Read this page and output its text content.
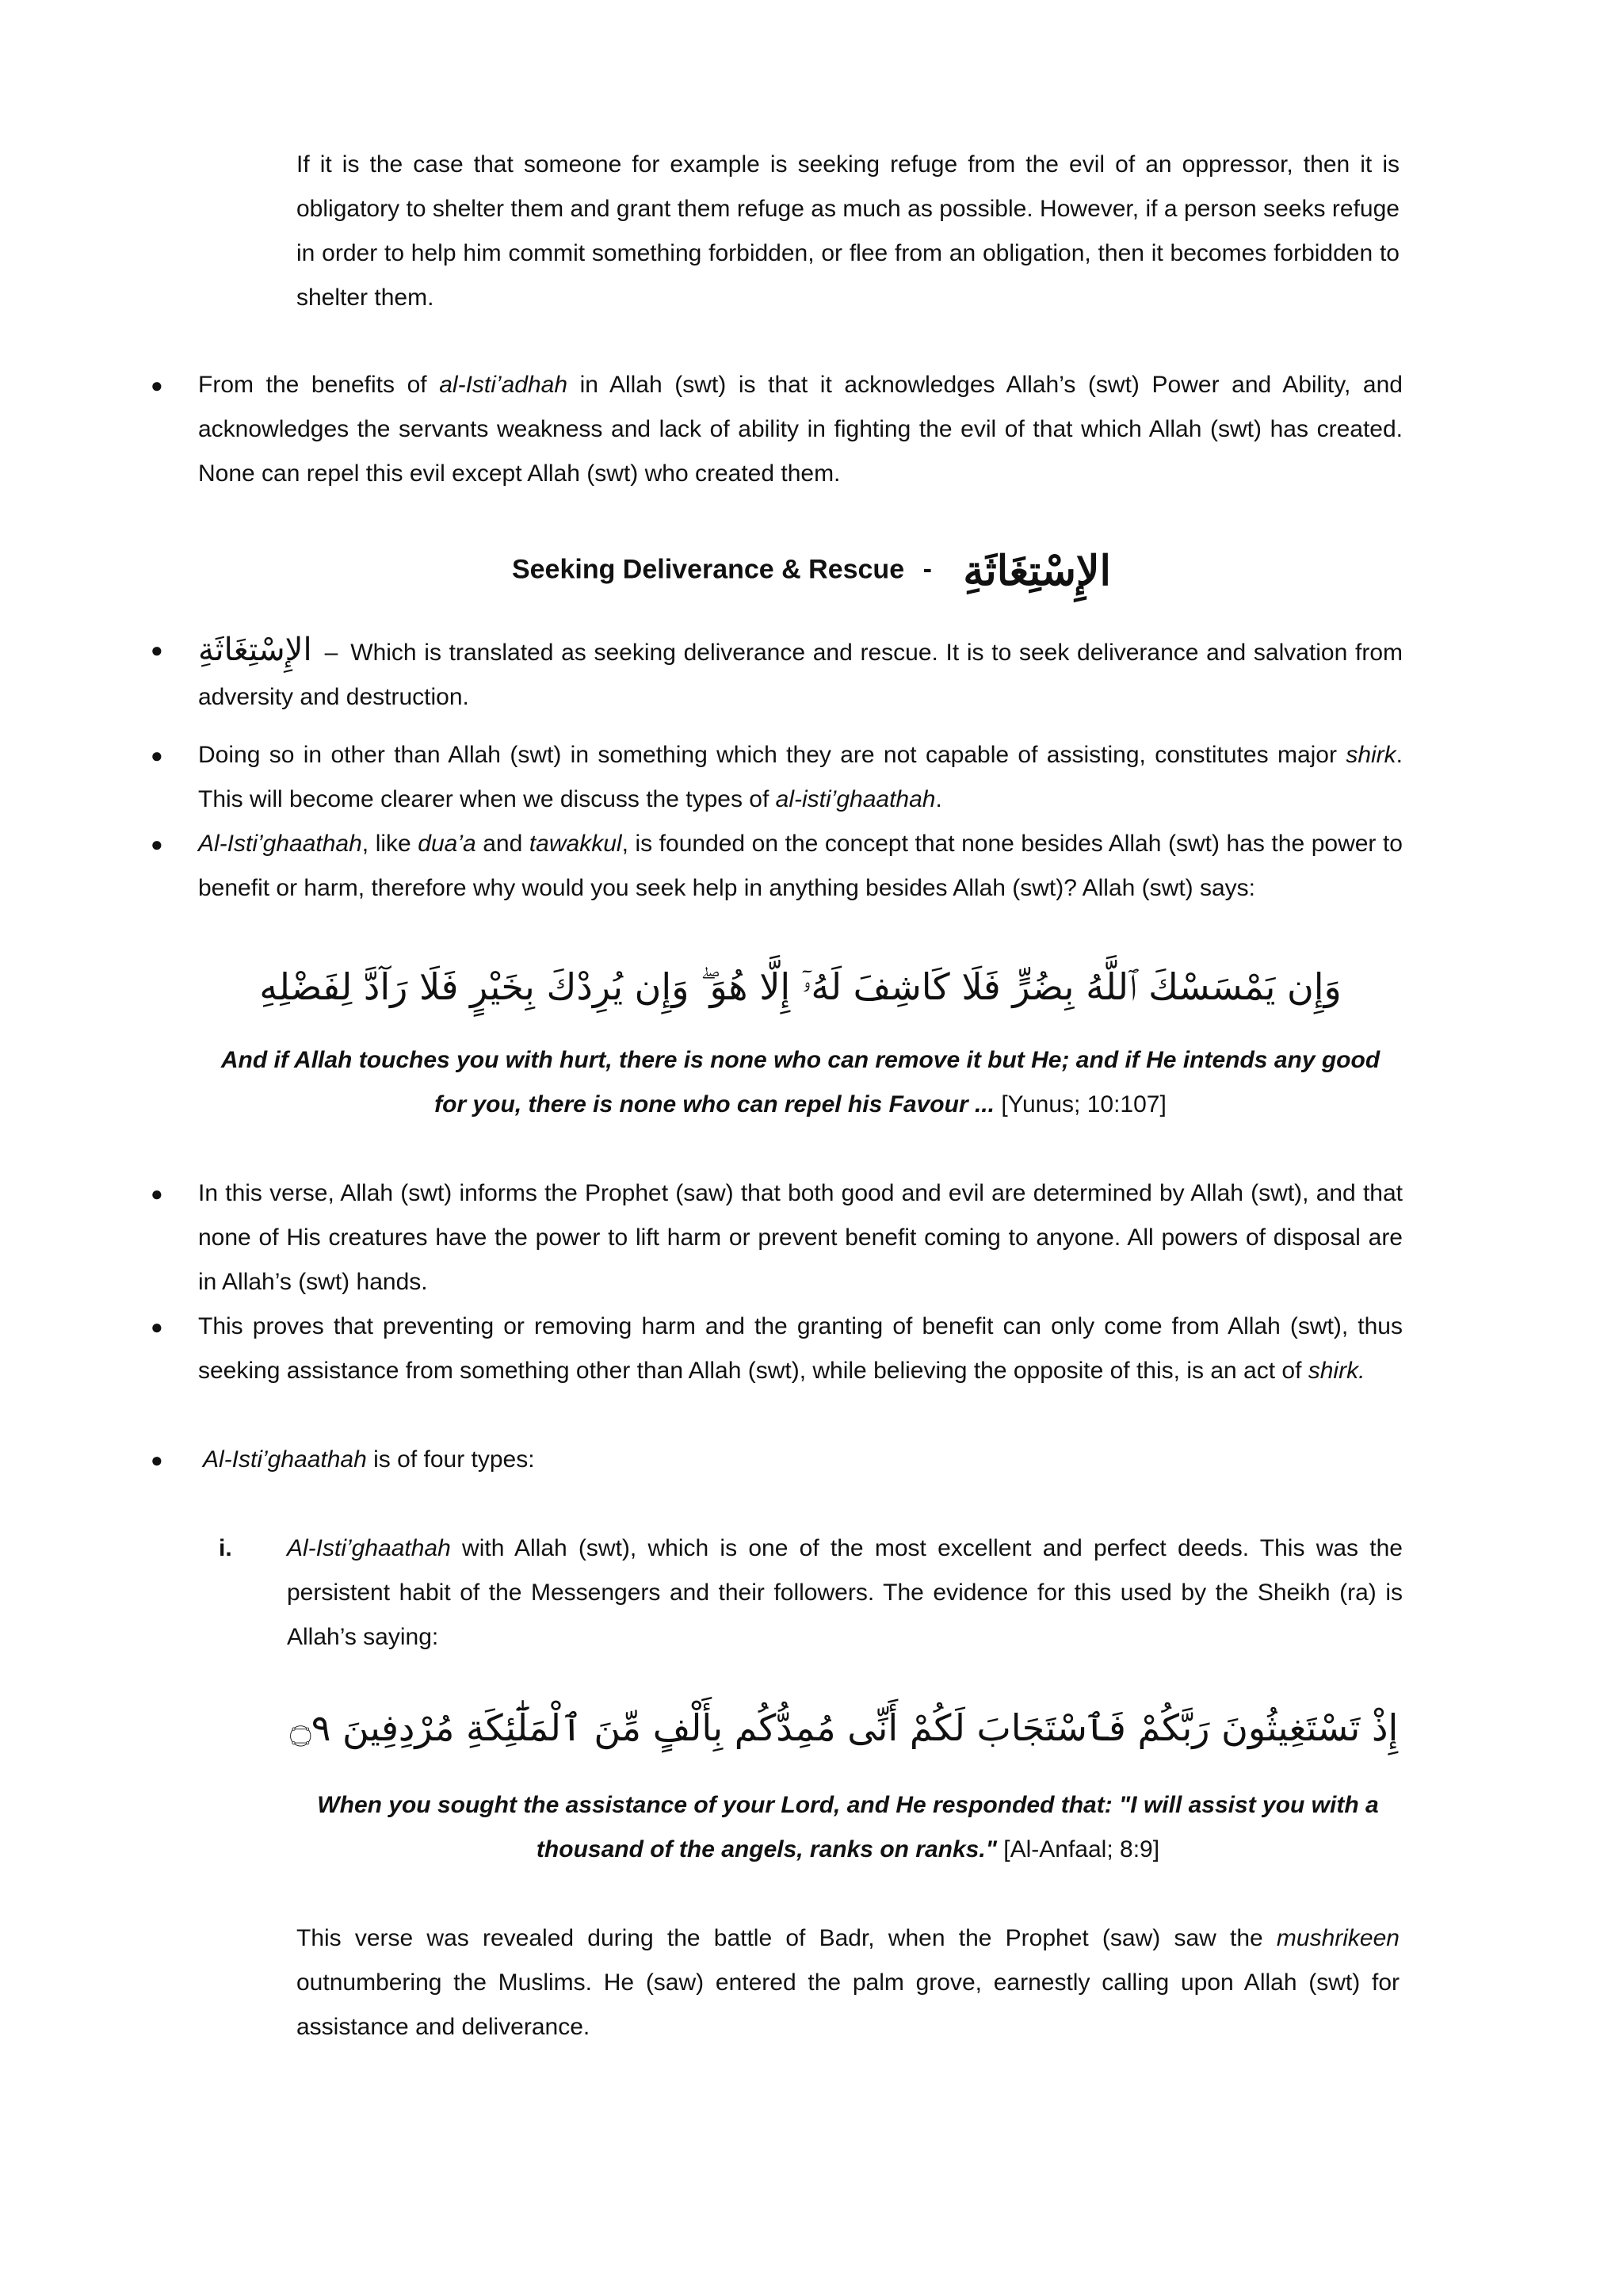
If it is the case that someone for example is seeking refuge from the evil of an oppressor, then it is obligatory to shelter them and grant them refuge as much as possible. However, if a person seeks refuge in order to help him commit something forbidden, or flee from an obligation, then it becomes forbidden to shelter them.

●

From the benefits of al-Isti’adhah in Allah (swt) is that it acknowledges Allah’s (swt) Power and Ability, and acknowledges the servants weakness and lack of ability in fighting the evil of that which Allah (swt) has created. None can repel this evil except Allah (swt) who created them.

Seeking Deliverance & Rescue - الإِسْتِغَاثَةِ
●

الإِسْتِغَاثَةِ – Which is translated as seeking deliverance and rescue. It is to seek deliverance and salvation from adversity and destruction.

●

Doing so in other than Allah (swt) in something which they are not capable of assisting, constitutes major shirk. This will become clearer when we discuss the types of al-isti’ghaathah.

●

Al-Isti’ghaathah, like dua’a and tawakkul, is founded on the concept that none besides Allah (swt) has the power to benefit or harm, therefore why would you seek help in anything besides Allah (swt)? Allah (swt) says:

وَإِن يَمْسَسْكَ ٱللَّهُ بِضُرٍّ فَلَا كَاشِفَ لَهُۥٓ إِلَّا هُوَ ۖ وَإِن يُرِدْكَ بِخَيْرٍ فَلَا رَآدَّ لِفَضْلِهِ
And if Allah touches you with hurt, there is none who can remove it but He; and if He intends any good for you, there is none who can repel his Favour ... [Yunus; 10:107]
●

In this verse, Allah (swt) informs the Prophet (saw) that both good and evil are determined by Allah (swt), and that none of His creatures have the power to lift harm or prevent benefit coming to anyone. All powers of disposal are in Allah’s (swt) hands.

●

This proves that preventing or removing harm and the granting of benefit can only come from Allah (swt), thus seeking assistance from something other than Allah (swt), while believing the opposite of this, is an act of shirk.

●

Al-Isti’ghaathah is of four types:

i. Al-Isti’ghaathah with Allah (swt), which is one of the most excellent and perfect deeds. This was the persistent habit of the Messengers and their followers. The evidence for this used by the Sheikh (ra) is Allah’s saying:

إِذْ تَسْتَغِيثُونَ رَبَّكُمْ فَٱسْتَجَابَ لَكُمْ أَنِّى مُمِدُّكُم بِأَلْفٍ مِّنَ ٱلْمَلَٰٓئِكَةِ مُرْدِفِينَ ۝٩
When you sought the assistance of your Lord, and He responded that: "I will assist you with a thousand of the angels, ranks on ranks." [Al-Anfaal; 8:9]

This verse was revealed during the battle of Badr, when the Prophet (saw) saw the mushrikeen outnumbering the Muslims. He (saw) entered the palm grove, earnestly calling upon Allah (swt) for assistance and deliverance.
